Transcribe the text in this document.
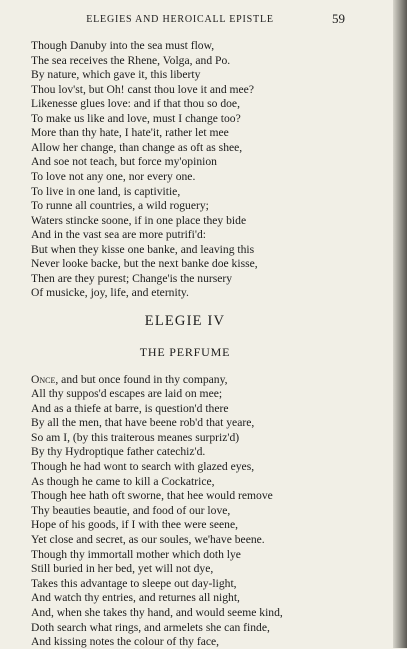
ELEGIES AND HEROICALL EPISTLE	59
Though Danuby into the sea must flow,
The sea receives the Rhene, Volga, and Po.
By nature, which gave it, this liberty
Thou lov'st, but Oh! canst thou love it and mee?
Likenesse glues love: and if that thou so doe,
To make us like and love, must I change too?
More than thy hate, I hate'it, rather let mee
Allow her change, than change as oft as shee,
And soe not teach, but force my'opinion
To love not any one, nor every one.
To live in one land, is captivitie,
To runne all countries, a wild roguery;
Waters stincke soone, if in one place they bide
And in the vast sea are more putrifi'd:
But when they kisse one banke, and leaving this
Never looke backe, but the next banke doe kisse,
Then are they purest; Change'is the nursery
Of musicke, joy, life, and eternity.
ELEGIE IV
THE PERFUME
Once, and but once found in thy company,
All thy suppos'd escapes are laid on mee;
And as a thiefe at barre, is question'd there
By all the men, that have beene rob'd that yeare,
So am I, (by this traiterous meanes surpriz'd)
By thy Hydroptique father catechiz'd.
Though he had wont to search with glazed eyes,
As though he came to kill a Cockatrice,
Though hee hath oft sworne, that hee would remove
Thy beauties beautie, and food of our love,
Hope of his goods, if I with thee were seene,
Yet close and secret, as our soules, we'have beene.
Though thy immortall mother which doth lye
Still buried in her bed, yet will not dye,
Takes this advantage to sleepe out day-light,
And watch thy entries, and returnes all night,
And, when she takes thy hand, and would seeme kind,
Doth search what rings, and armelets she can finde,
And kissing notes the colour of thy face,
